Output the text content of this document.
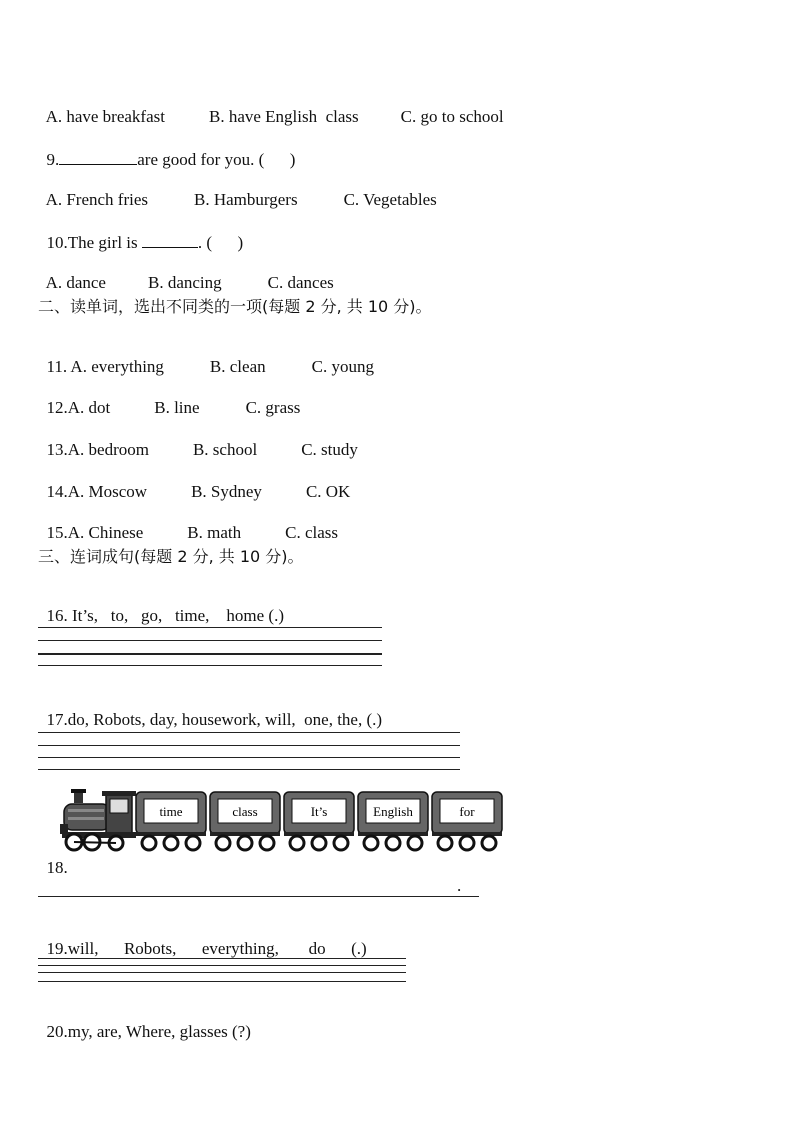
A. have breakfast	B. have English  class C. go to school

9.	are good for you. (      )

A. French fries	B. Hamburgers	C. Vegetables

10.The girl is	. (      )

A. dance B. dancing	C. dances

二、读单词，选出不同类的一项(每题 2 分, 共 10 分)。

11. A. everything	B. clean	C. young

12.A. dot	B. line	C. grass

13.A. bedroom	B. school	C. study

14.A. Moscow	B. Sydney	C. OK

15.A. Chinese	B. math	C. class

三、连词成句(每题 2 分, 共 10 分)。

16. It’s,   to,   go,   time,    home (.)

17.do, Robots, day, housework, will,  one, the, (.)

18.

time	class	It’s	English	for
.

19.will,      Robots,      everything,       do      (.)

20.my, are, Where, glasses (?)
